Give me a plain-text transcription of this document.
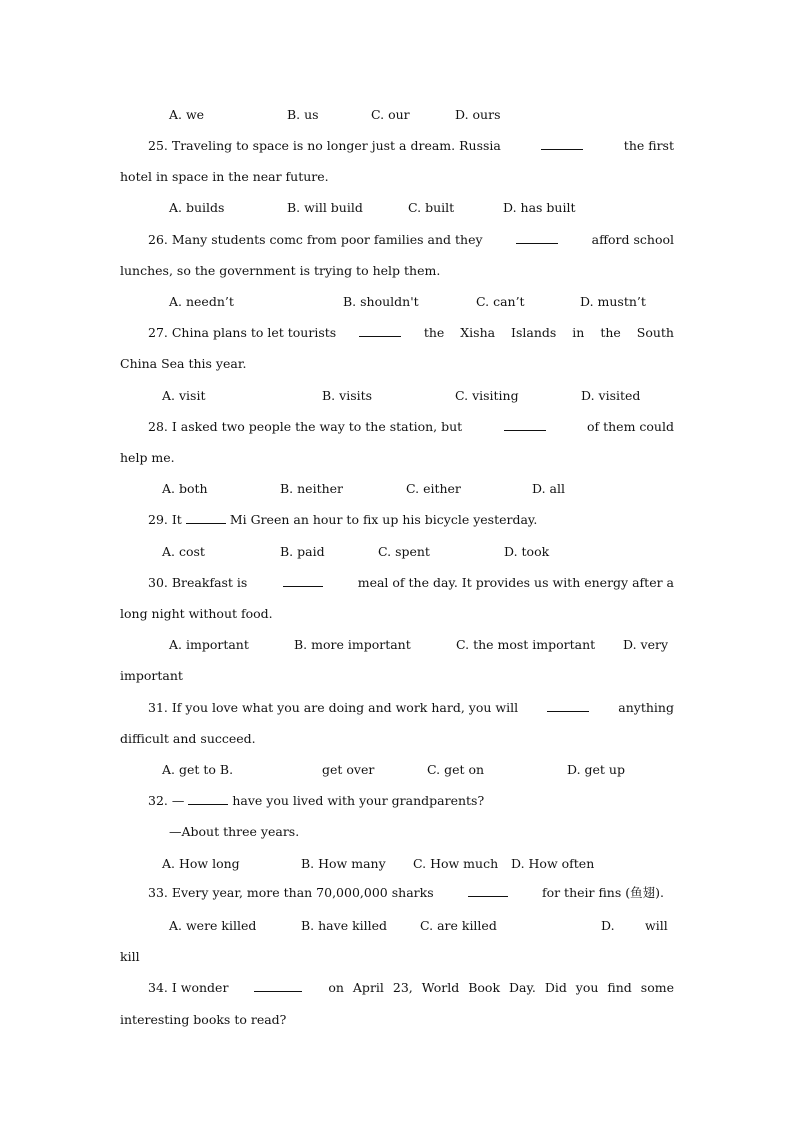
A. we	B. us	C. our	D. ours
25. Traveling to space is no longer just a dream. Russia	the first
hotel in space in the near future.
A. builds	B. will build	C. built	D. has built
26. Many students comc from poor families and they	afford school
lunches, so the government is trying to help them.
A. needn’t	B. shouldn't	C. can’t	D. mustn’t
27. China plans to let tourists	the Xisha Islands in the South
China Sea this year.
A. visit	B. visits	C. visiting	D. visited
28. I asked two people the way to the station, but	of them could
help me.
A. both	B. neither	C. either	D. all
29. It	Mi Green an hour to fix up his bicycle yesterday.
A. cost	B. paid	C. spent	D. took
30. Breakfast is	meal of the day. It provides us with energy after a
long night without food.
A. important	B. more important	C. the most important D. very
important
31. If you love what you are doing and work hard, you will	anything
difficult and succeed.
A. get to B.	get over	C. get on	D. get up
32. —	have you lived with your grandparents?
—About three years.
A. How long	B. How many C. How much D. How often
33. Every year, more than 70,000,000 sharks	for their fins (鱼翅).
A. were killed	B. have killed	C. are killed	D. will
kill
34. I wonder	on April 23, World Book Day. Did you find some
interesting books to read?
